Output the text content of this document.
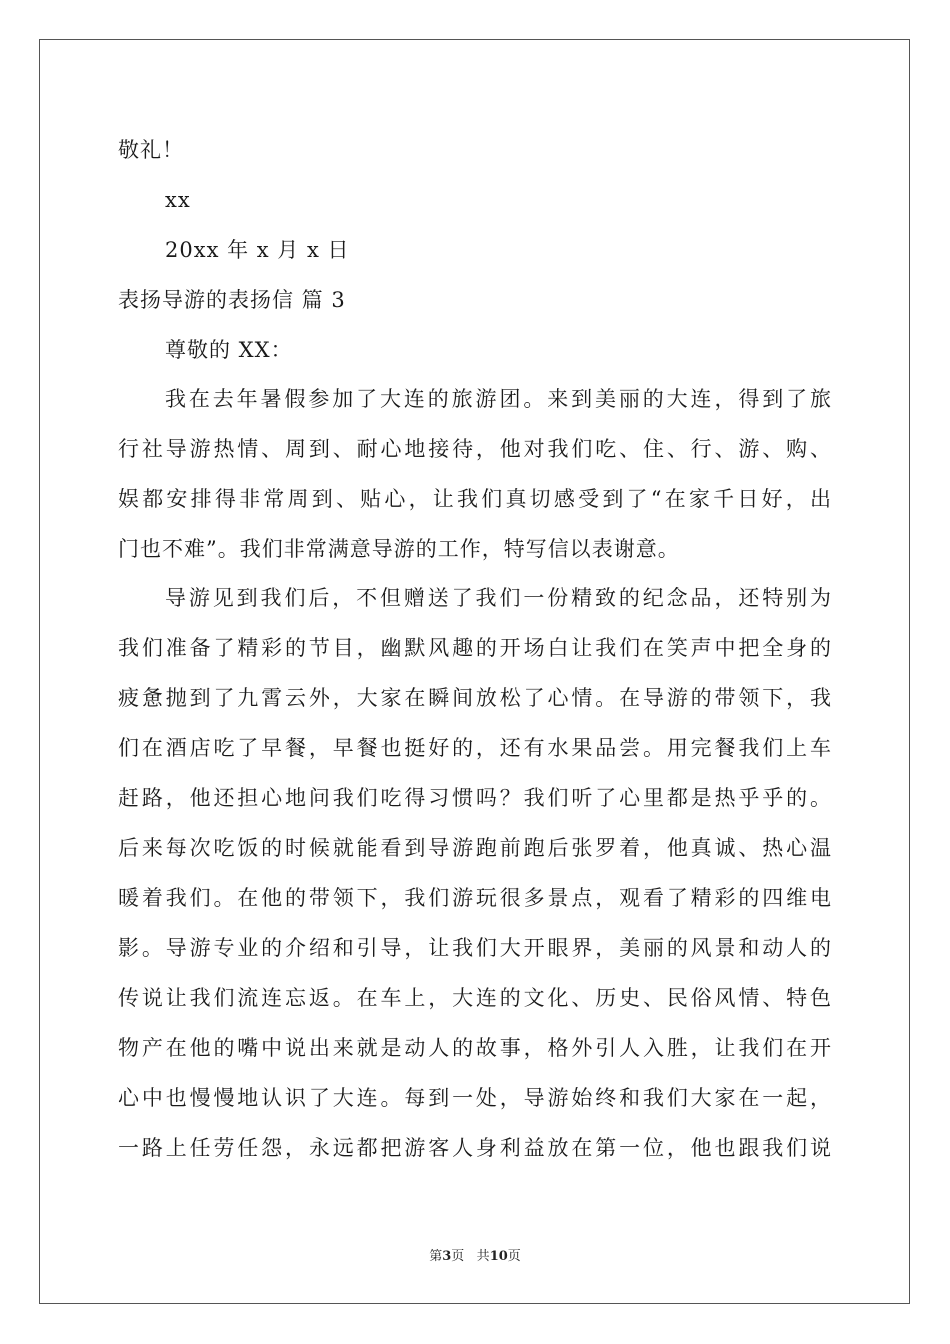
敬礼！
xx
20xx 年 x 月 x 日
表扬导游的表扬信 篇 3
尊敬的 XX：
我在去年暑假参加了大连的旅游团。来到美丽的大连，得到了旅
行社导游热情、周到、耐心地接待，他对我们吃、住、行、游、购、
娱都安排得非常周到、贴心，让我们真切感受到了“在家千日好，出
门也不难”。我们非常满意导游的工作，特写信以表谢意。
导游见到我们后，不但赠送了我们一份精致的纪念品，还特别为
我们准备了精彩的节目，幽默风趣的开场白让我们在笑声中把全身的
疲惫抛到了九霄云外，大家在瞬间放松了心情。在导游的带领下，我
们在酒店吃了早餐，早餐也挺好的，还有水果品尝。用完餐我们上车
赶路，他还担心地问我们吃得习惯吗？我们听了心里都是热乎乎的。
后来每次吃饭的时候就能看到导游跑前跑后张罗着，他真诚、热心温
暖着我们。在他的带领下，我们游玩很多景点，观看了精彩的四维电
影。导游专业的介绍和引导，让我们大开眼界，美丽的风景和动人的
传说让我们流连忘返。在车上，大连的文化、历史、民俗风情、特色
物产在他的嘴中说出来就是动人的故事，格外引人入胜，让我们在开
心中也慢慢地认识了大连。每到一处，导游始终和我们大家在一起，
一路上任劳任怨，永远都把游客人身利益放在第一位，他也跟我们说
第3页 共10页
